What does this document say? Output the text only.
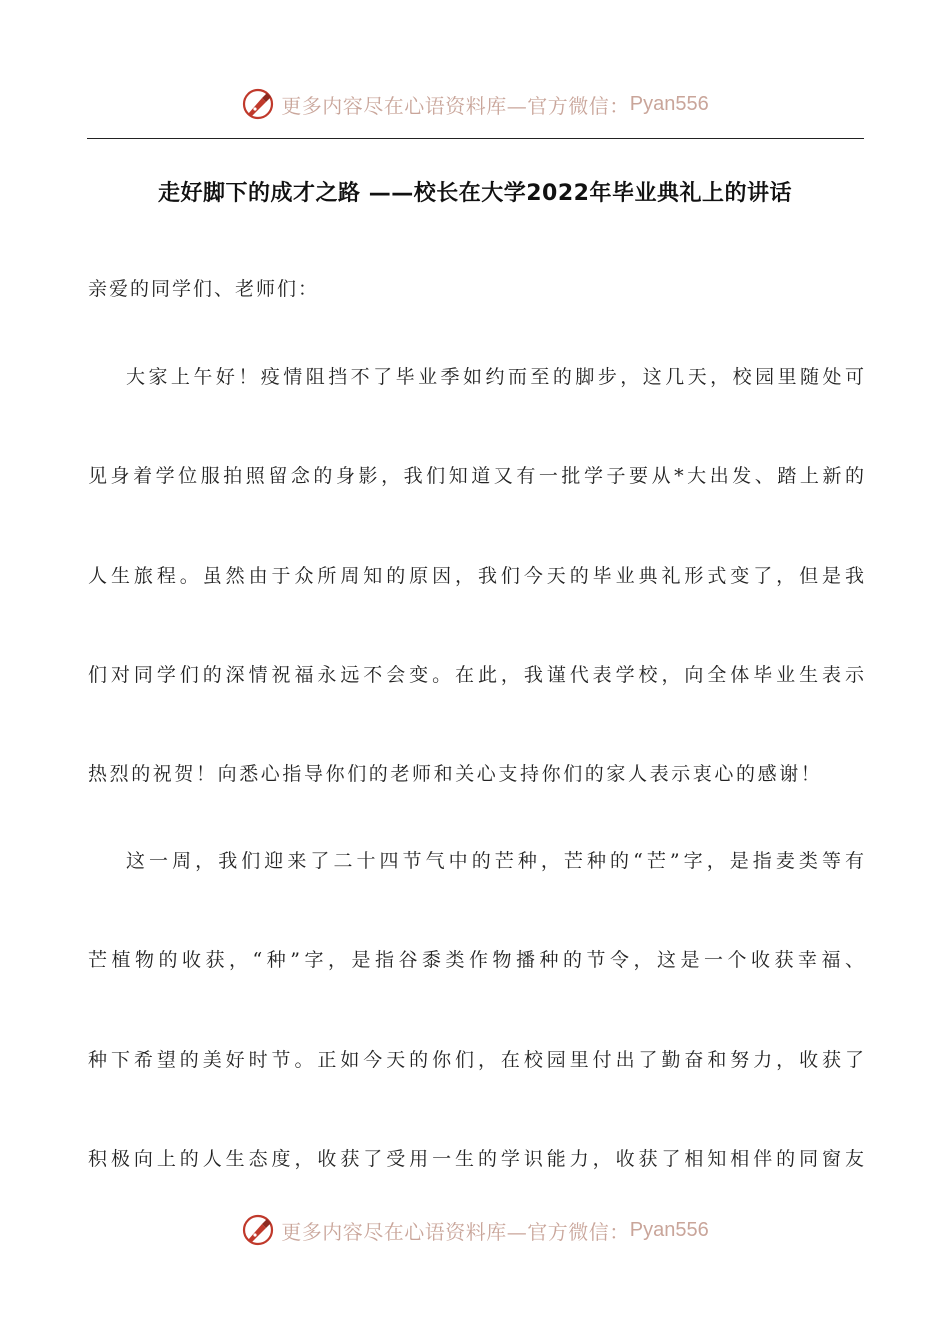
更多内容尽在心语资料库—官方微信： Pyan556
走好脚下的成才之路 ——校长在大学2022年毕业典礼上的讲话
亲爱的同学们、老师们：
大家上午好！疫情阻挡不了毕业季如约而至的脚步，这几天，校园里随处可
见身着学位服拍照留念的身影，我们知道又有一批学子要从*大出发、踏上新的
人生旅程。虽然由于众所周知的原因，我们今天的毕业典礼形式变了，但是我
们对同学们的深情祝福永远不会变。在此，我谨代表学校，向全体毕业生表示
热烈的祝贺！向悉心指导你们的老师和关心支持你们的家人表示衷心的感谢！
这一周，我们迎来了二十四节气中的芒种，芒种的“芒”字，是指麦类等有
芒植物的收获，“种”字，是指谷黍类作物播种的节令，这是一个收获幸福、
种下希望的美好时节。正如今天的你们，在校园里付出了勤奋和努力，收获了
积极向上的人生态度，收获了受用一生的学识能力，收获了相知相伴的同窗友
更多内容尽在心语资料库—官方微信： Pyan556
